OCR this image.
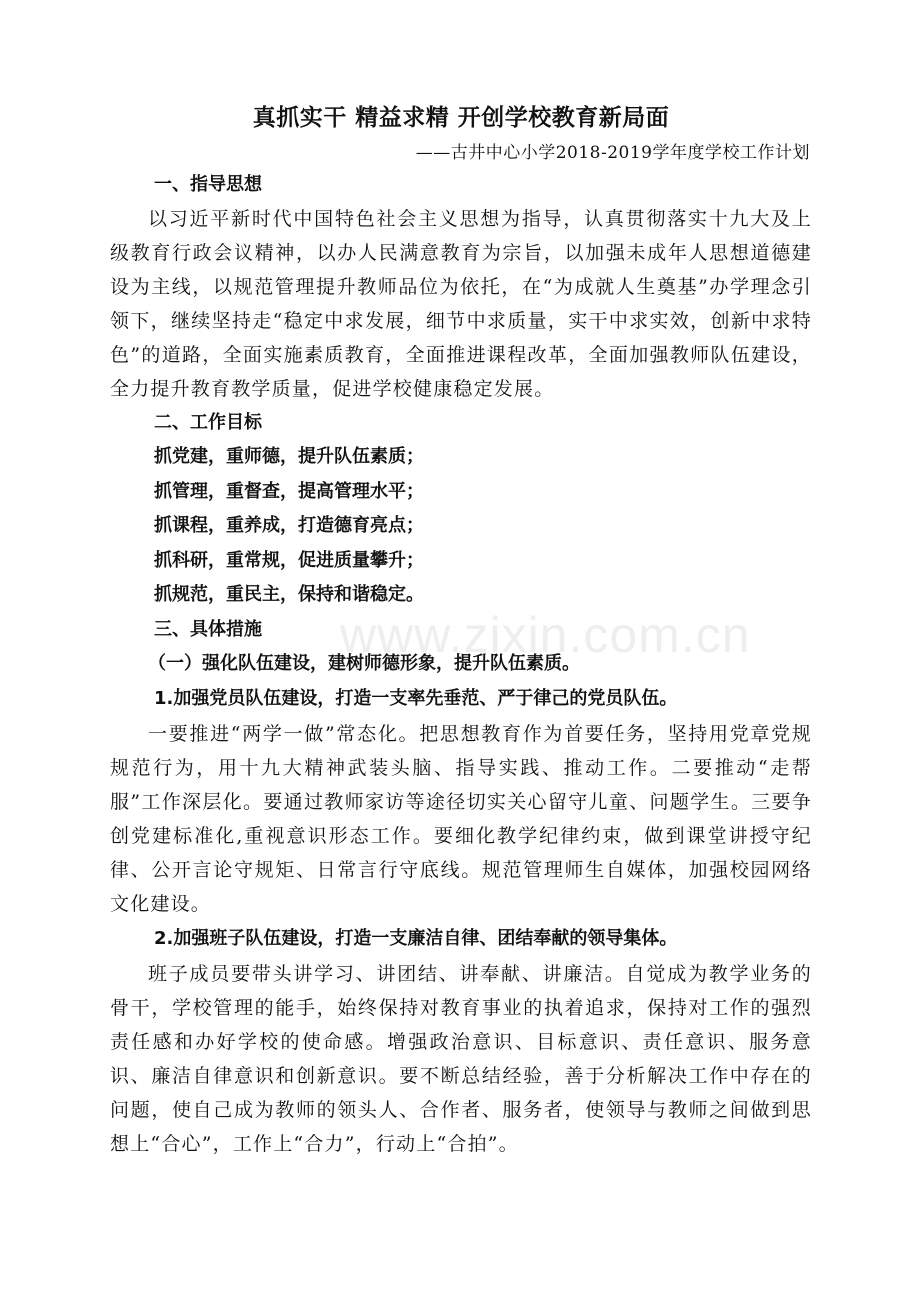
真抓实干 精益求精 开创学校教育新局面

——古井中心小学2018-2019学年度学校工作计划

一、指导思想

以习近平新时代中国特色社会主义思想为指导，认真贯彻落实十九大及上级教育行政会议精神，以办人民满意教育为宗旨，以加强未成年人思想道德建设为主线，以规范管理提升教师品位为依托，在“为成就人生奠基”办学理念引领下，继续坚持走“稳定中求发展，细节中求质量，实干中求实效，创新中求特色”的道路，全面实施素质教育，全面推进课程改革，全面加强教师队伍建设，全力提升教育教学质量，促进学校健康稳定发展。

二、工作目标

抓党建，重师德，提升队伍素质；

抓管理，重督查，提高管理水平；

抓课程，重养成，打造德育亮点；

抓科研，重常规，促进质量攀升；

抓规范，重民主，保持和谐稳定。

三、具体措施

（一）强化队伍建设，建树师德形象，提升队伍素质。

1.加强党员队伍建设，打造一支率先垂范、严于律己的党员队伍。

一要推进“两学一做”常态化。把思想教育作为首要任务，坚持用党章党规规范行为，用十九大精神武装头脑、指导实践、推动工作。二要推动“走帮服”工作深层化。要通过教师家访等途径切实关心留守儿童、问题学生。三要争创党建标准化,重视意识形态工作。要细化教学纪律约束，做到课堂讲授守纪律、公开言论守规矩、日常言行守底线。规范管理师生自媒体，加强校园网络文化建设。

2.加强班子队伍建设，打造一支廉洁自律、团结奉献的领导集体。

班子成员要带头讲学习、讲团结、讲奉献、讲廉洁。自觉成为教学业务的骨干，学校管理的能手，始终保持对教育事业的执着追求，保持对工作的强烈责任感和办好学校的使命感。增强政治意识、目标意识、责任意识、服务意识、廉洁自律意识和创新意识。要不断总结经验，善于分析解决工作中存在的问题，使自己成为教师的领头人、合作者、服务者，使领导与教师之间做到思想上“合心”，工作上“合力”，行动上“合拍”。

www.zixin.com.cn
